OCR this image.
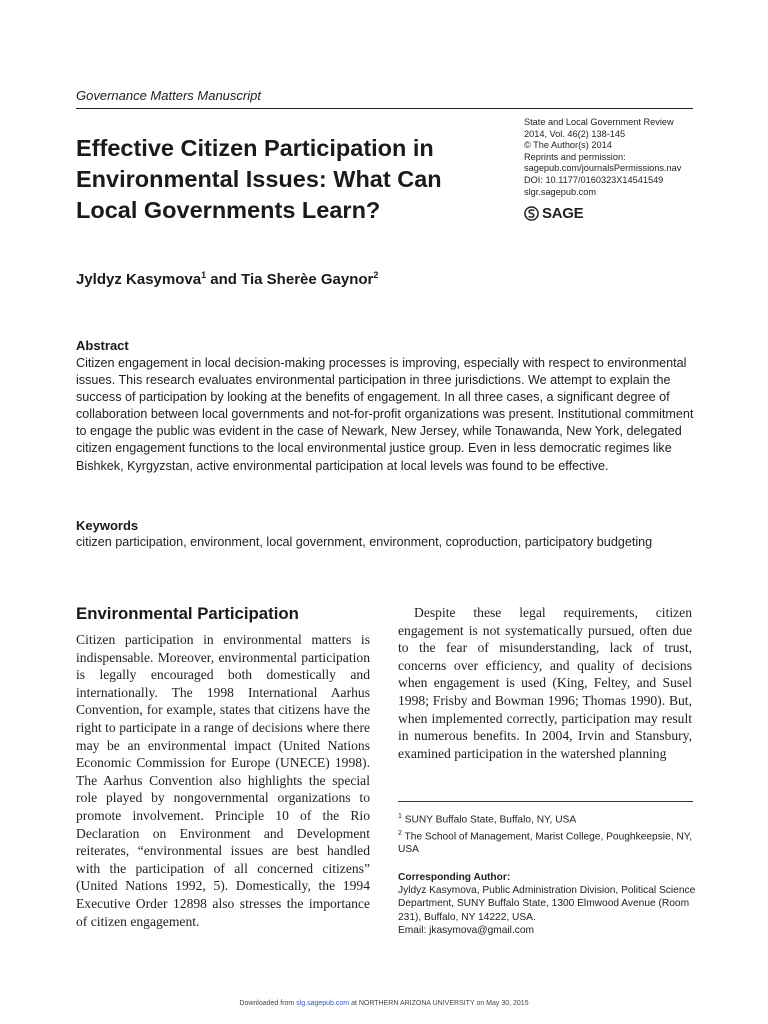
Governance Matters Manuscript
Effective Citizen Participation in Environmental Issues: What Can Local Governments Learn?
State and Local Government Review
2014, Vol. 46(2) 138-145
© The Author(s) 2014
Reprints and permission:
sagepub.com/journalsPermissions.nav
DOI: 10.1177/0160323X14541549
slgr.sagepub.com
SAGE
Jyldyz Kasymova$^1$ and Tia Sherèe Gaynor$^2$
Abstract

Citizen engagement in local decision-making processes is improving, especially with respect to environmental issues. This research evaluates environmental participation in three jurisdictions. We attempt to explain the success of participation by looking at the benefits of engagement. In all three cases, a significant degree of collaboration between local governments and not-for-profit organizations was present. Institutional commitment to engage the public was evident in the case of Newark, New Jersey, while Tonawanda, New York, delegated citizen engagement functions to the local environmental justice group. Even in less democratic regimes like Bishkek, Kyrgyzstan, active environmental participation at local levels was found to be effective.

Keywords

citizen participation, environment, local government, environment, coproduction, participatory budgeting

Environmental Participation

Citizen participation in environmental matters is indispensable. Moreover, environmental participation is legally encouraged both domestically and internationally. The 1998 International Aarhus Convention, for example, states that citizens have the right to participate in a range of decisions where there may be an environmental impact (United Nations Economic Commission for Europe (UNECE) 1998). The Aarhus Convention also highlights the special role played by nongovernmental organizations to promote involvement. Principle 10 of the Rio Declaration on Environment and Development reiterates, “environmental issues are best handled with the participation of all concerned citizens” (United Nations 1992, 5). Domestically, the 1994 Executive Order 12898 also stresses the importance of citizen engagement.

Despite these legal requirements, citizen engagement is not systematically pursued, often due to the fear of misunderstanding, lack of trust, concerns over efficiency, and quality of decisions when engagement is used (King, Feltey, and Susel 1998; Frisby and Bowman 1996; Thomas 1990). But, when implemented correctly, participation may result in numerous benefits. In 2004, Irvin and Stansbury, examined participation in the watershed planning

$^1$ SUNY Buffalo State, Buffalo, NY, USA
$^2$ The School of Management, Marist College, Poughkeepsie, NY, USA
Corresponding Author:
Jyldyz Kasymova, Public Administration Division, Political Science Department, SUNY Buffalo State, 1300 Elmwood Avenue (Room 231), Buffalo, NY 14222, USA.
Email: jkasymova@gmail.com
Downloaded from slg.sagepub.com at NORTHERN ARIZONA UNIVERSITY on May 30, 2015
